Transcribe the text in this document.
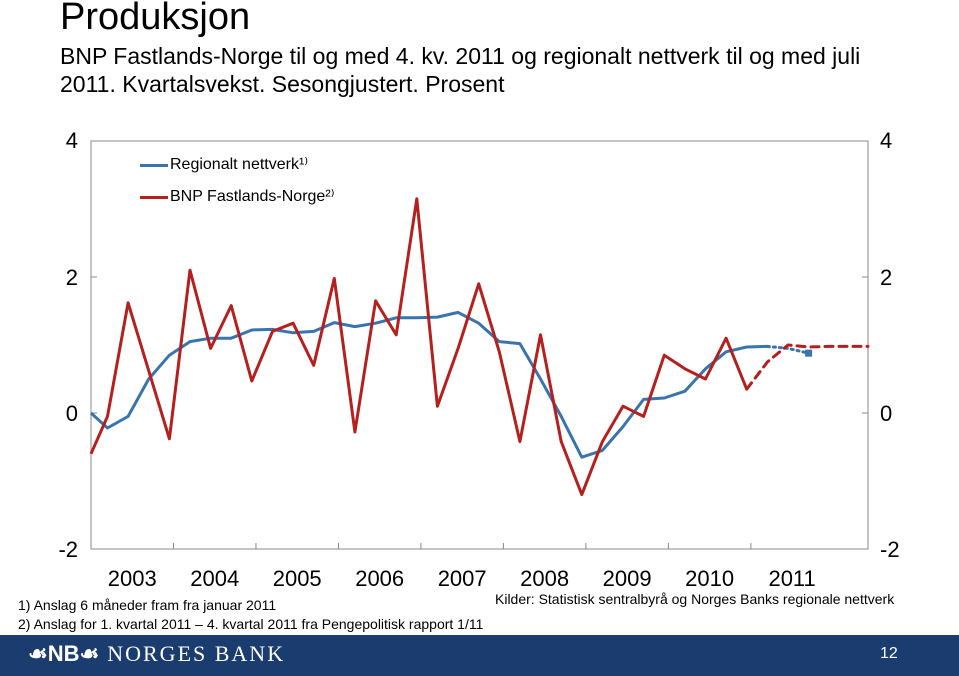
Produksjon
BNP Fastlands-Norge til og med 4. kv. 2011 og regionalt nettverk til og med juli 2011. Kvartalsvekst. Sesongjustert. Prosent
4
2
0
-2
4
2
0
-2
2003	2004	2005	2006	2007	2008	2009	2010	2011
Regionalt nettverk¹⁾
BNP Fastlands-Norge²⁾
1) Anslag 6 måneder fram fra januar 2011
2) Anslag for 1. kvartal 2011 – 4. kvartal 2011 fra Pengepolitisk rapport 1/11
Kilder: Statistisk sentralbyrå og Norges Banks regionale nettverk
☙NB☙ NORGES BANK	12
